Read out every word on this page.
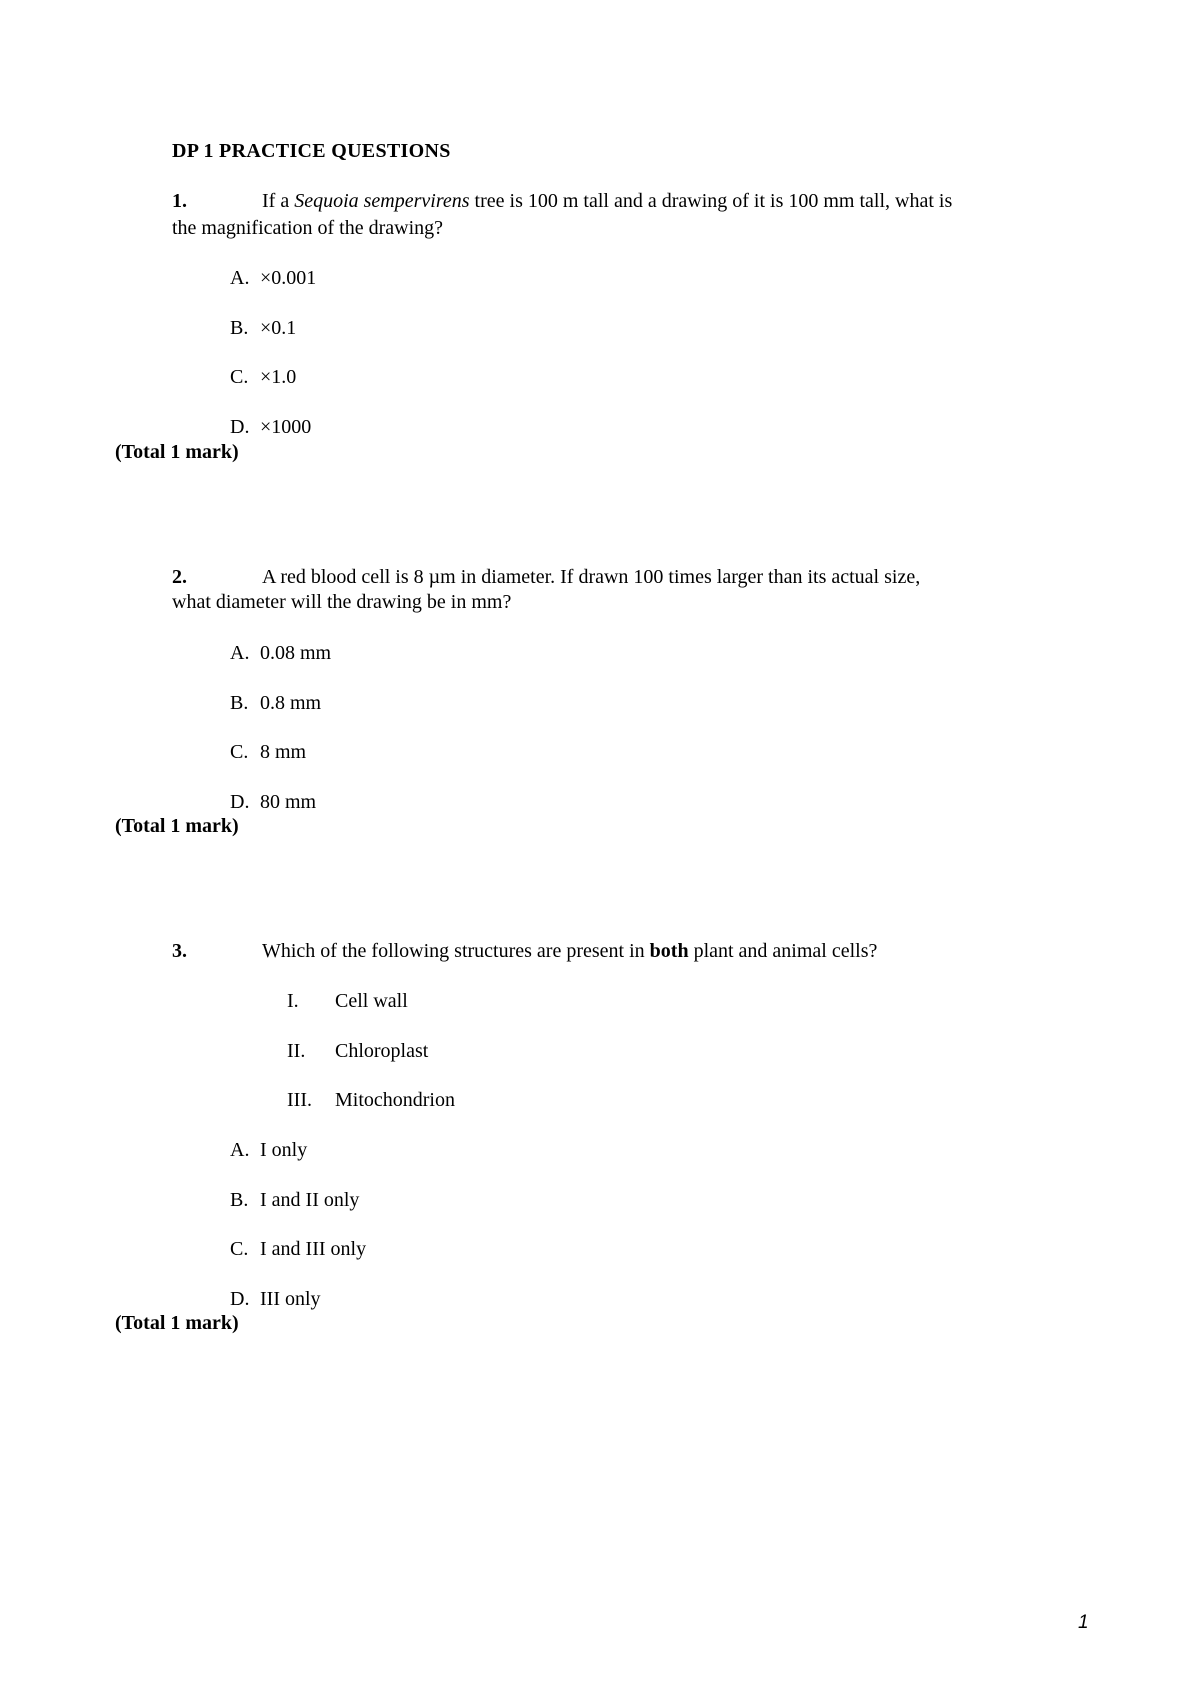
DP 1 PRACTICE QUESTIONS
1.	If a Sequoia sempervirens tree is 100 m tall and a drawing of it is 100 mm tall, what is
the magnification of the drawing?
A. ×0.001
B. ×0.1
C. ×1.0
D. ×1000
(Total 1 mark)
2.	A red blood cell is 8 µm in diameter. If drawn 100 times larger than its actual size,
what diameter will the drawing be in mm?
A. 0.08 mm
B. 0.8 mm
C. 8 mm
D. 80 mm
(Total 1 mark)
3.	Which of the following structures are present in both plant and animal cells?
I. Cell wall
II. Chloroplast
III. Mitochondrion
A. I only
B. I and II only
C. I and III only
D. III only
(Total 1 mark)
1
